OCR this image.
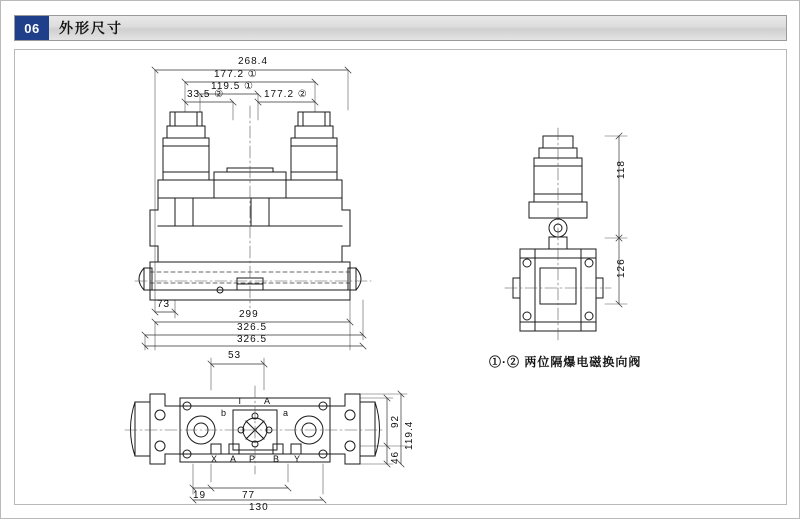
06	外形尺寸
268.4
177.2 ①
119.5 ①
33.5 ②	177.2 ②
73
299
326.5
326.5
118
126
①·② 两位隔爆电磁换向阀
53
19	77
130
92
46
119.4
X A P B Y
T A
b	a
